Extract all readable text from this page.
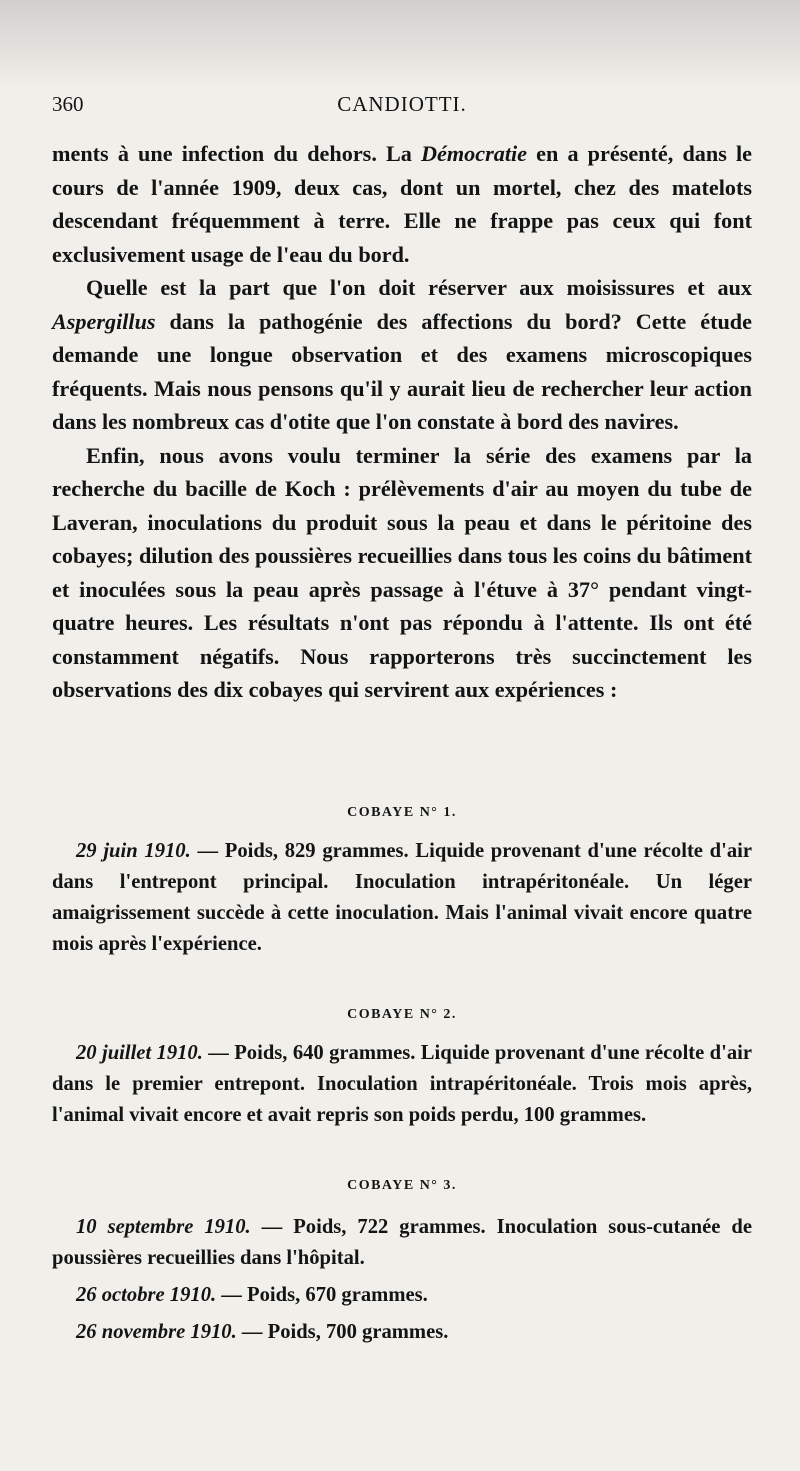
360	CANDIOTTI.

ments à une infection du dehors. La Démocratie en a présenté, dans le cours de l'année 1909, deux cas, dont un mortel, chez des matelots descendant fréquemment à terre. Elle ne frappe pas ceux qui font exclusivement usage de l'eau du bord.

Quelle est la part que l'on doit réserver aux moisissures et aux Aspergillus dans la pathogénie des affections du bord? Cette étude demande une longue observation et des examens microscopiques fréquents. Mais nous pensons qu'il y aurait lieu de rechercher leur action dans les nombreux cas d'otite que l'on constate à bord des navires.

Enfin, nous avons voulu terminer la série des examens par la recherche du bacille de Koch : prélèvements d'air au moyen du tube de Laveran, inoculations du produit sous la peau et dans le péritoine des cobayes; dilution des poussières recueillies dans tous les coins du bâtiment et inoculées sous la peau après passage à l'étuve à 37° pendant vingt-quatre heures. Les résultats n'ont pas répondu à l'attente. Ils ont été constamment négatifs. Nous rapporterons très succinctement les observations des dix cobayes qui servirent aux expériences :

COBAYE N° 1.

29 juin 1910. — Poids, 829 grammes. Liquide provenant d'une récolte d'air dans l'entrepont principal. Inoculation intrapéritonéale. Un léger amaigrissement succède à cette inoculation. Mais l'animal vivait encore quatre mois après l'expérience.

COBAYE N° 2.

20 juillet 1910. — Poids, 640 grammes. Liquide provenant d'une récolte d'air dans le premier entrepont. Inoculation intrapéritonéale. Trois mois après, l'animal vivait encore et avait repris son poids perdu, 100 grammes.

COBAYE N° 3.

10 septembre 1910. — Poids, 722 grammes. Inoculation sous-cutanée de poussières recueillies dans l'hôpital.

26 octobre 1910. — Poids, 670 grammes.

26 novembre 1910. — Poids, 700 grammes.
